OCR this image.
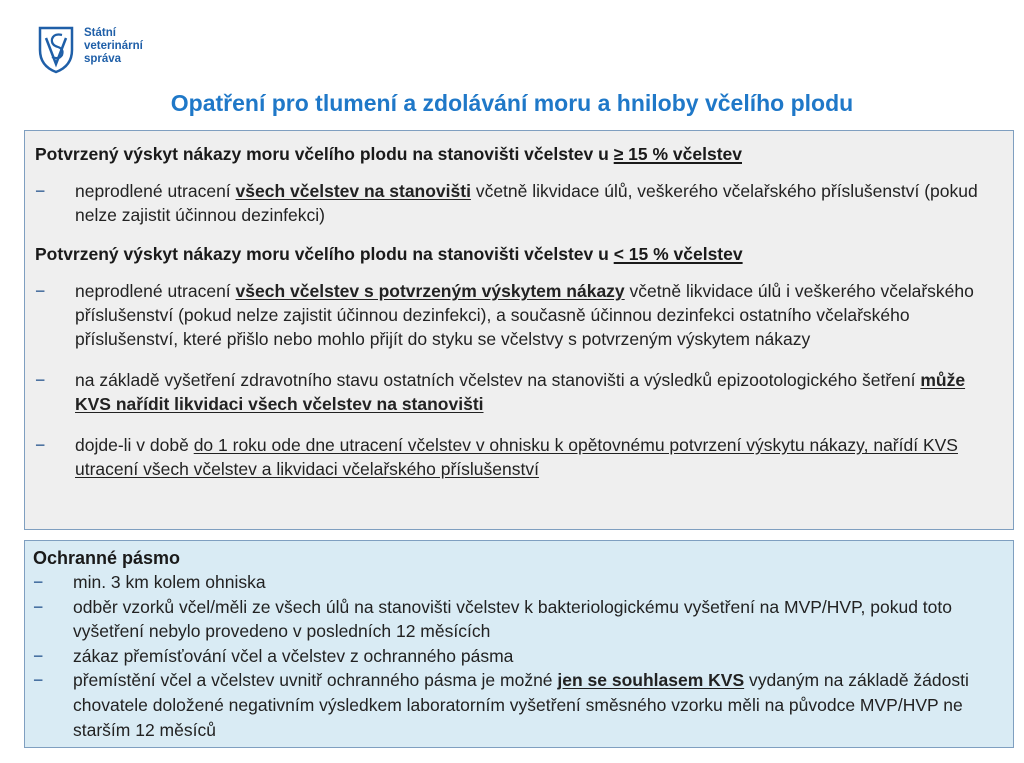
Státní
veterinární
správa
Opatření pro tlumení a zdolávání moru a hniloby včelího plodu
Potvrzený výskyt nákazy moru včelího plodu na stanovišti včelstev u ≥ 15 % včelstev
− neprodlené utracení všech včelstev na stanovišti včetně likvidace úlů, veškerého včelařského příslušenství (pokud nelze zajistit účinnou dezinfekci)
Potvrzený výskyt nákazy moru včelího plodu na stanovišti včelstev u < 15 % včelstev
− neprodlené utracení všech včelstev s potvrzeným výskytem nákazy včetně likvidace úlů i veškerého včelařského příslušenství (pokud nelze zajistit účinnou dezinfekci), a současně účinnou dezinfekci ostatního včelařského příslušenství, které přišlo nebo mohlo přijít do styku se včelstvy s potvrzeným výskytem nákazy
− na základě vyšetření zdravotního stavu ostatních včelstev na stanovišti a výsledků epizootologického šetření může KVS nařídit likvidaci všech včelstev na stanovišti
− dojde-li v době do 1 roku ode dne utracení včelstev v ohnisku k opětovnému potvrzení výskytu nákazy, nařídí KVS utracení všech včelstev a likvidaci včelařského příslušenství
Ochranné pásmo
− min. 3 km kolem ohniska
− odběr vzorků včel/měli ze všech úlů na stanovišti včelstev k bakteriologickému vyšetření na MVP/HVP, pokud toto vyšetření nebylo provedeno v posledních 12 měsících
− zákaz přemísťování včel a včelstev z ochranného pásma
− přemístění včel a včelstev uvnitř ochranného pásma je možné jen se souhlasem KVS vydaným na základě žádosti chovatele doložené negativním výsledkem laboratorním vyšetření směsného vzorku měli na původce MVP/HVP ne starším 12 měsíců
